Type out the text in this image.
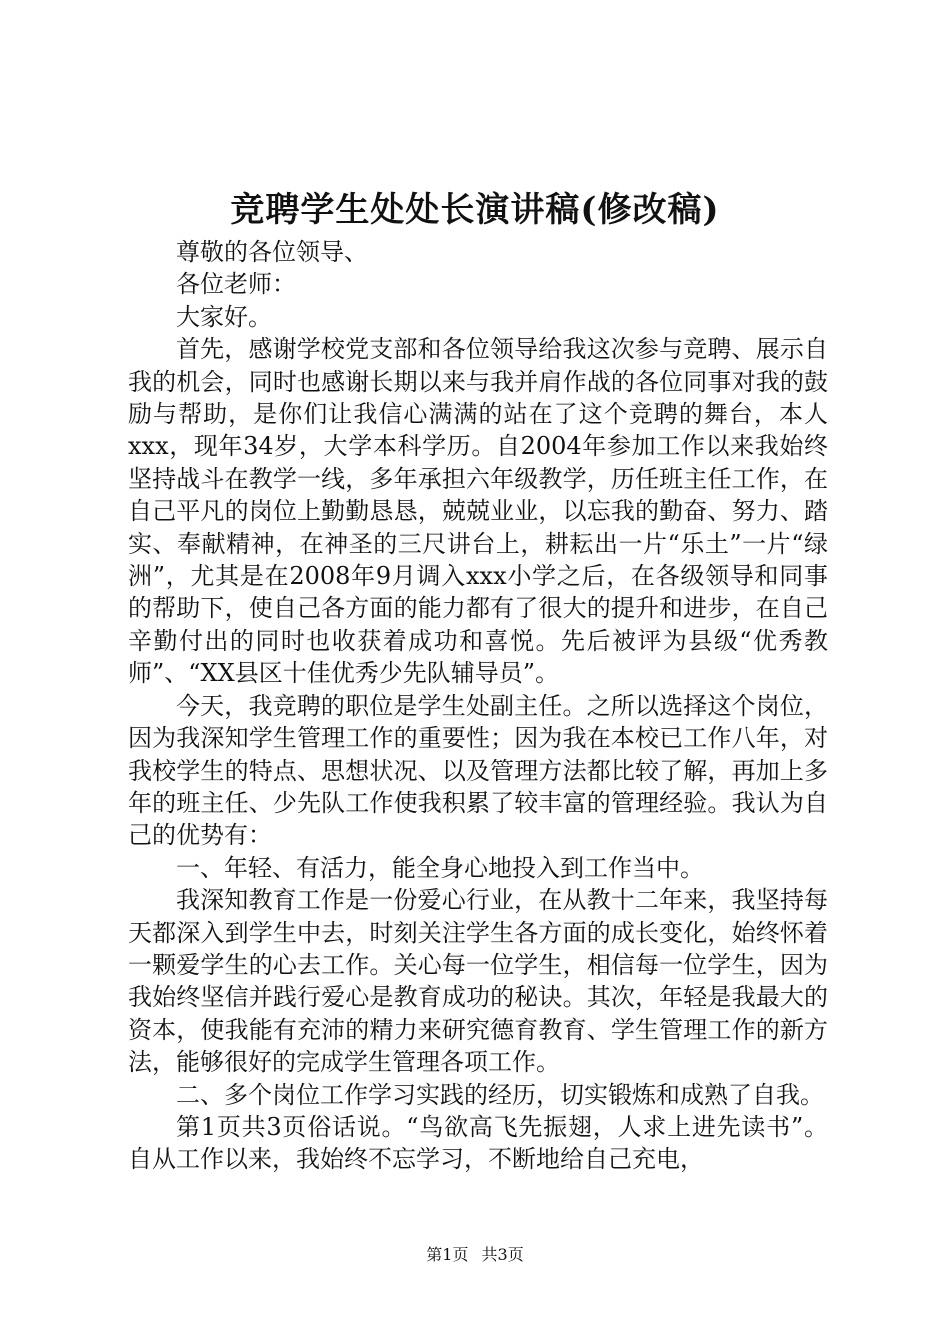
竞聘学生处处长演讲稿(修改稿)

尊敬的各位领导、

各位老师：

大家好。

首先，感谢学校党支部和各位领导给我这次参与竞聘、展示自我的机会，同时也感谢长期以来与我并肩作战的各位同事对我的鼓励与帮助，是你们让我信心满满的站在了这个竞聘的舞台，本人xxx，现年34岁，大学本科学历。自2004年参加工作以来我始终坚持战斗在教学一线，多年承担六年级教学，历任班主任工作，在自己平凡的岗位上勤勤恳恳，兢兢业业，以忘我的勤奋、努力、踏实、奉献精神，在神圣的三尺讲台上，耕耘出一片“乐土”一片“绿洲”，尤其是在2008年9月调入xxx小学之后，在各级领导和同事的帮助下，使自己各方面的能力都有了很大的提升和进步，在自己辛勤付出的同时也收获着成功和喜悦。先后被评为县级“优秀教师”、“XX县区十佳优秀少先队辅导员”。

今天，我竞聘的职位是学生处副主任。之所以选择这个岗位，因为我深知学生管理工作的重要性；因为我在本校已工作八年，对我校学生的特点、思想状况、以及管理方法都比较了解，再加上多年的班主任、少先队工作使我积累了较丰富的管理经验。我认为自己的优势有：

一、年轻、有活力，能全身心地投入到工作当中。

我深知教育工作是一份爱心行业，在从教十二年来，我坚持每天都深入到学生中去，时刻关注学生各方面的成长变化，始终怀着一颗爱学生的心去工作。关心每一位学生，相信每一位学生，因为我始终坚信并践行爱心是教育成功的秘诀。其次，年轻是我最大的资本，使我能有充沛的精力来研究德育教育、学生管理工作的新方法，能够很好的完成学生管理各项工作。

二、多个岗位工作学习实践的经历，切实锻炼和成熟了自我。

第1页共3页俗话说。“鸟欲高飞先振翅，人求上进先读书”。自从工作以来，我始终不忘学习，不断地给自己充电，

第1页 共3页
